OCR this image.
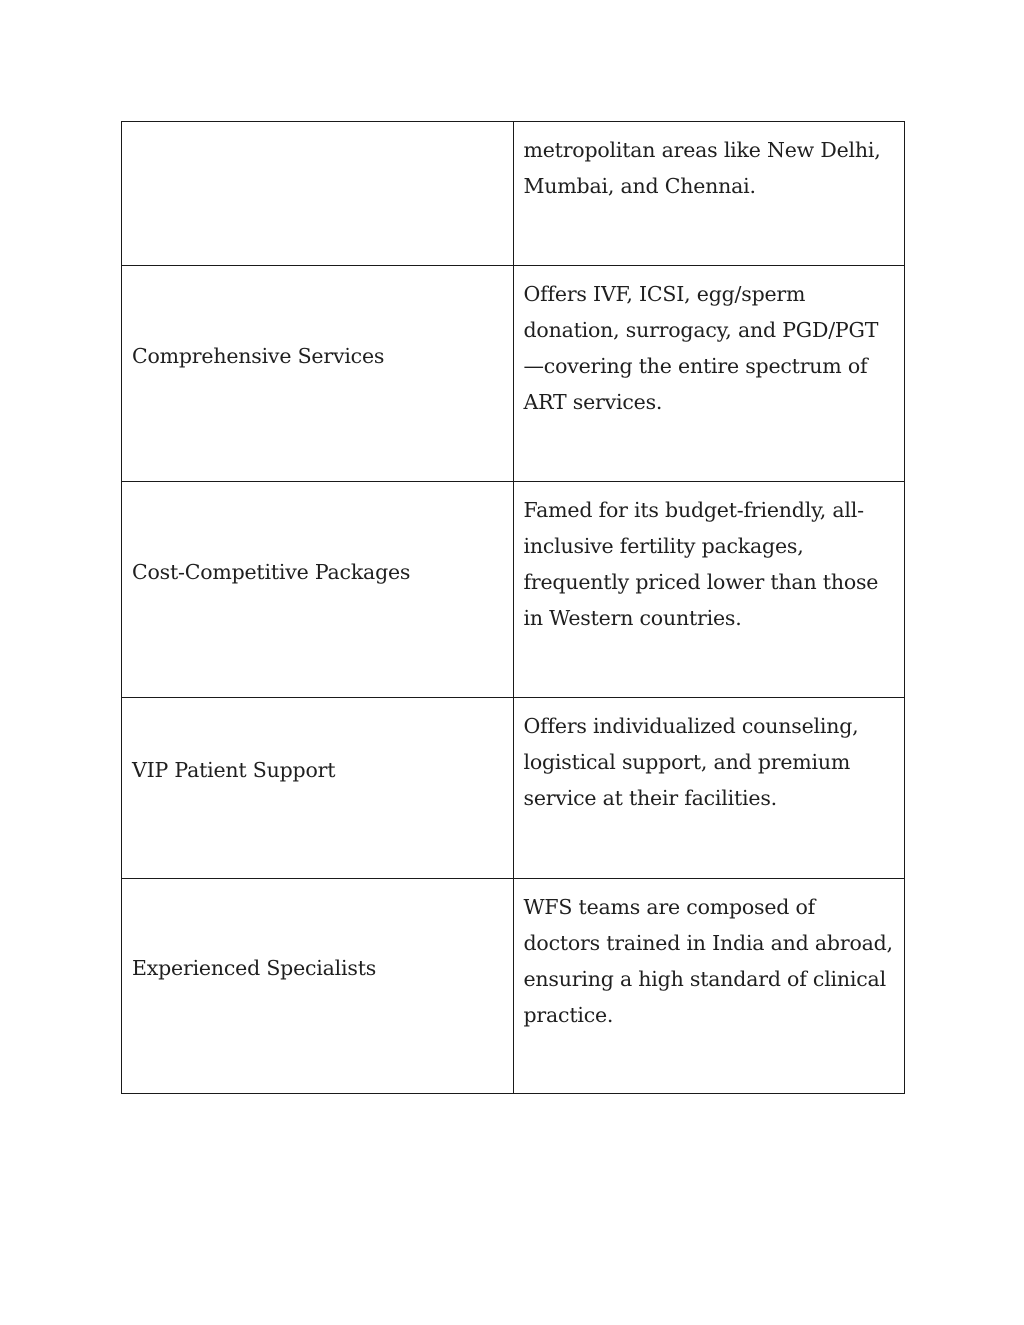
	metropolitan areas like New Delhi, Mumbai, and Chennai.

Comprehensive Services	Offers IVF, ICSI, egg/sperm donation, surrogacy, and PGD/PGT—covering the entire spectrum of ART services.

Cost-Competitive Packages	Famed for its budget-friendly, all-inclusive fertility packages, frequently priced lower than those in Western countries.

VIP Patient Support	Offers individualized counseling, logistical support, and premium service at their facilities.

Experienced Specialists	WFS teams are composed of doctors trained in India and abroad, ensuring a high standard of clinical practice.
